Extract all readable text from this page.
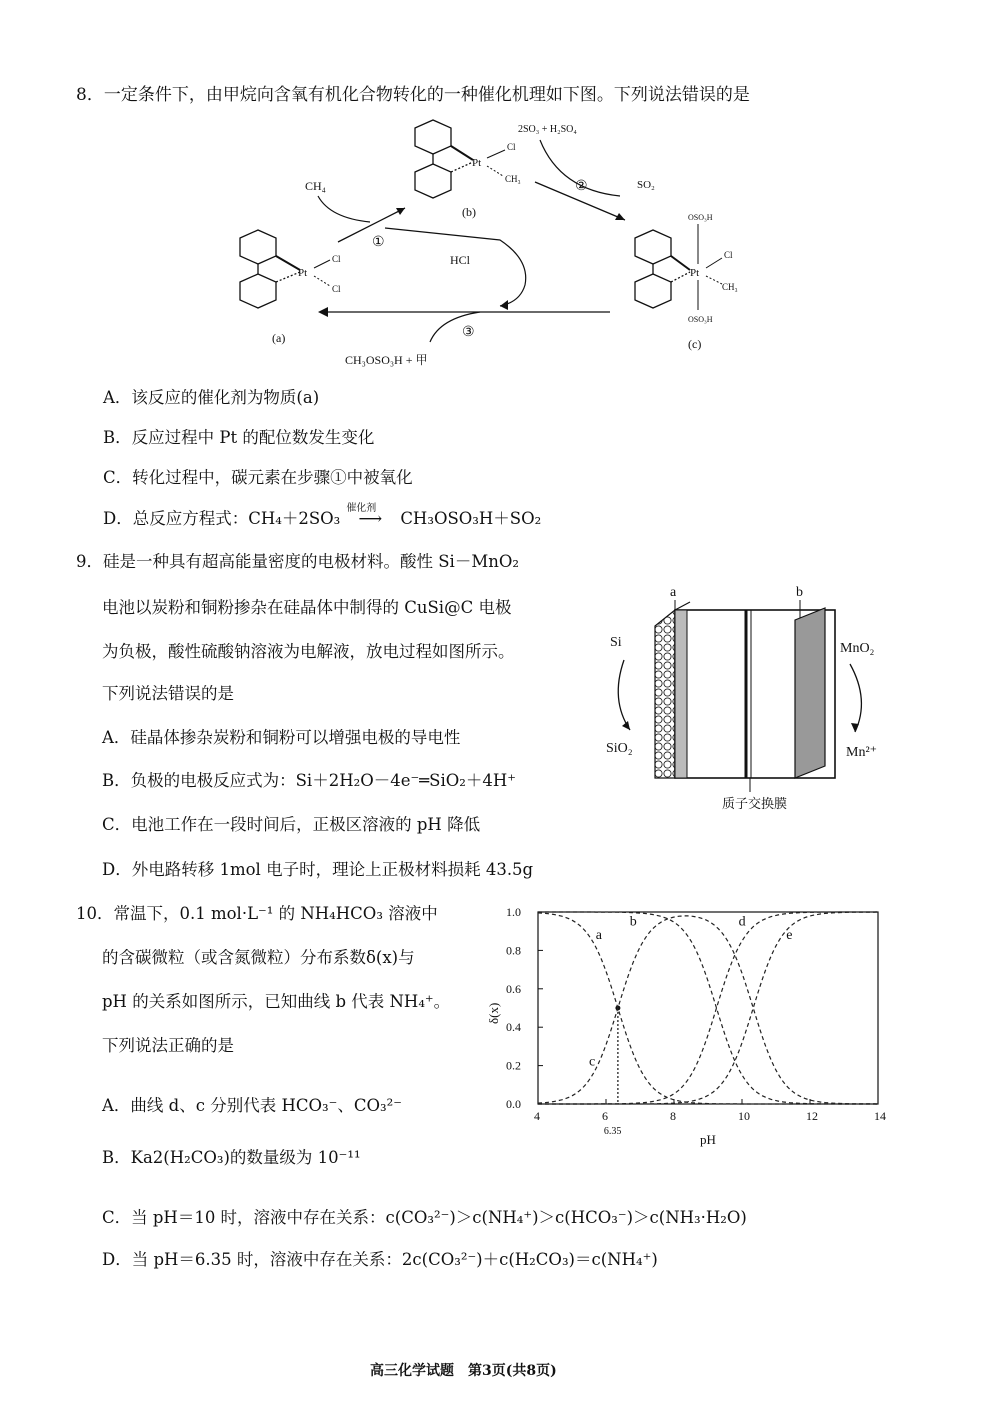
8．一定条件下，由甲烷向含氧有机化合物转化的一种催化机理如下图。下列说法错误的是
Pt
Cl
Cl
(a)
Pt
Cl
CH₃
(b)
Pt
OSO₃H
OSO₃H
Cl
CH₃
(c)
CH₄
①
HCl
2SO₃ + H₂SO₄
②	SO₂
③
CH₃OSO₃H + 甲
A．该反应的催化剂为物质(a)
B．反应过程中 Pt 的配位数发生变化
C．转化过程中，碳元素在步骤①中被氧化
D．总反应方程式：CH₄＋2SO₃
催化剂
⟶ CH₃OSO₃H＋SO₂
9．硅是一种具有超高能量密度的电极材料。酸性 Si－MnO₂
电池以炭粉和铜粉掺杂在硅晶体中制得的 CuSi@C 电极
为负极，酸性硫酸钠溶液为电解液，放电过程如图所示。
下列说法错误的是
A．硅晶体掺杂炭粉和铜粉可以增强电极的导电性
B．负极的电极反应式为：Si＋2H₂O－4e⁻═SiO₂＋4H⁺
C．电池工作在一段时间后，正极区溶液的 pH 降低
D．外电路转移 1mol 电子时，理论上正极材料损耗 43.5g
a	b
Si
SiO₂
MnO₂
Mn²⁺
质子交换膜
10．常温下，0.1 mol·L⁻¹ 的 NH₄HCO₃ 溶液中
的含碳微粒（或含氮微粒）分布系数δ(x)与
pH 的关系如图所示，已知曲线 b 代表 NH₄⁺。
下列说法正确的是
A．曲线 d、c 分别代表 HCO₃⁻、CO₃²⁻
B．Ka2(H₂CO₃)的数量级为 10⁻¹¹
C．当 pH＝10 时，溶液中存在关系：c(CO₃²⁻)＞c(NH₄⁺)＞c(HCO₃⁻)＞c(NH₃·H₂O)
D．当 pH＝6.35 时，溶液中存在关系：2c(CO₃²⁻)＋c(H₂CO₃)＝c(NH₄⁺)
4	6	8	10	12	14
0.0
0.2
0.4
0.6
0.8
1.0
pH
δ(x)
6.35
a
c
b	d
e
高三化学试题　第3页(共8页)
